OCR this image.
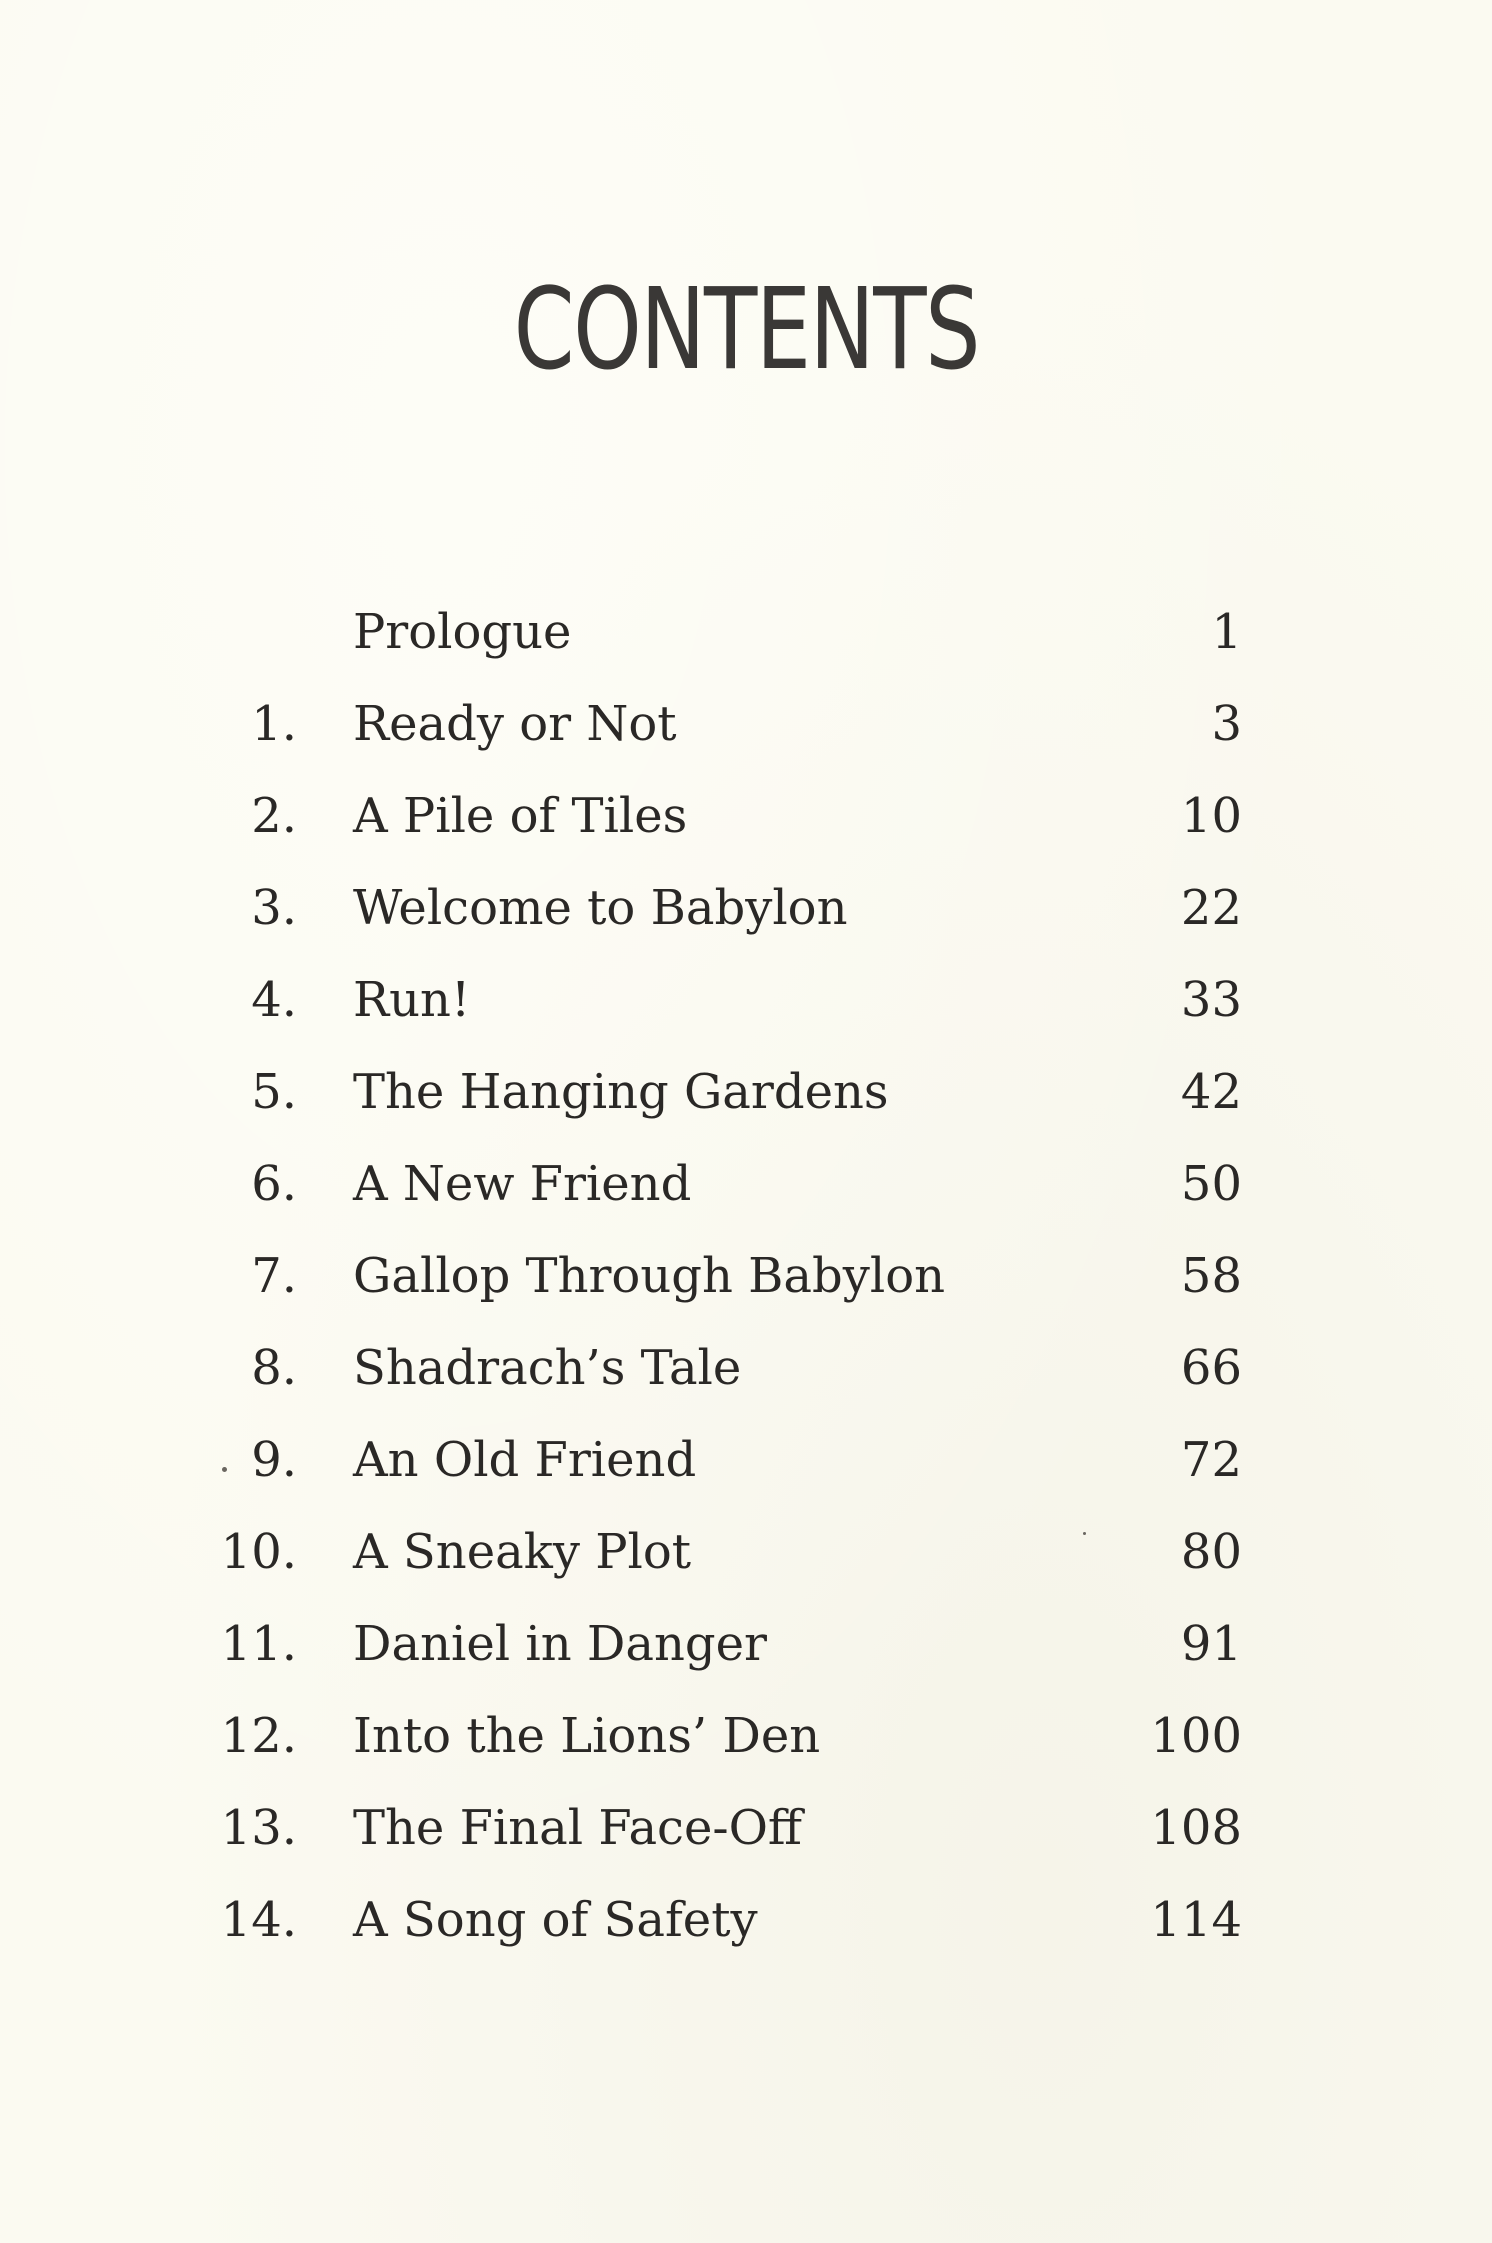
CONTENTS
Prologue	1
1. Ready or Not	3
2. A Pile of Tiles	10
3. Welcome to Babylon	22
4. Run!	33
5. The Hanging Gardens	42
6. A New Friend	50
7. Gallop Through Babylon	58
8. Shadrach’s Tale	66
9. An Old Friend	72
10. A Sneaky Plot	80
11. Daniel in Danger	91
12. Into the Lions’ Den	100
13. The Final Face-Off	108
14. A Song of Safety	114
